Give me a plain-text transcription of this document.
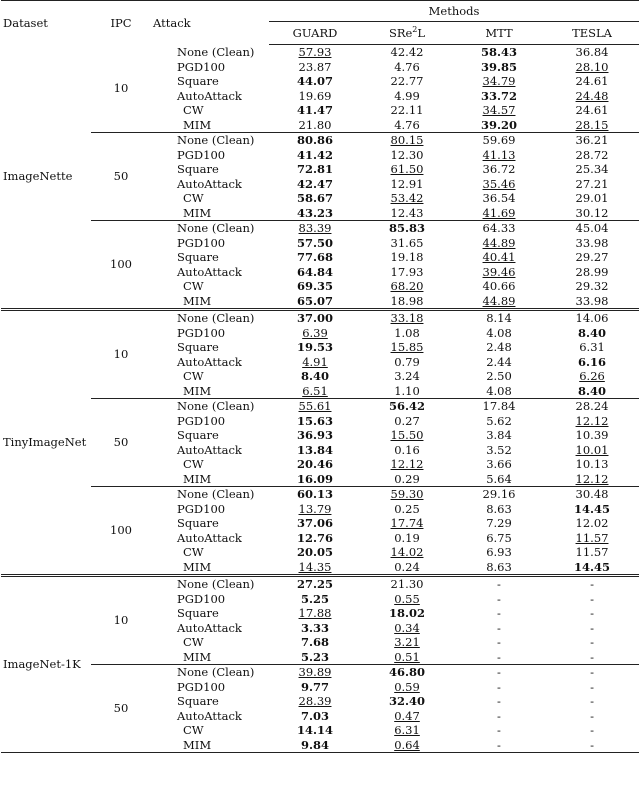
Dataset	IPC	Attack	Methods			
			GUARD	SRe$^2$L	MTT	TESLA
ImageNette	10	None (Clean)	57.93	42.42	58.43	36.84
		PGD100	23.87	4.76	39.85	28.10
		Square	44.07	22.77	34.79	24.61
		AutoAttack	19.69	4.99	33.72	24.48
		CW	41.47	22.11	34.57	24.61
		MIM	21.80	4.76	39.20	28.15
	50	None (Clean)	80.86	80.15	59.69	36.21
		PGD100	41.42	12.30	41.13	28.72
		Square	72.81	61.50	36.72	25.34
		AutoAttack	42.47	12.91	35.46	27.21
		CW	58.67	53.42	36.54	29.01
		MIM	43.23	12.43	41.69	30.12
	100	None (Clean)	83.39	85.83	64.33	45.04
		PGD100	57.50	31.65	44.89	33.98
		Square	77.68	19.18	40.41	29.27
		AutoAttack	64.84	17.93	39.46	28.99
		CW	69.35	68.20	40.66	29.32
		MIM	65.07	18.98	44.89	33.98
TinyImageNet	10	None (Clean)	37.00	33.18	8.14	14.06
		PGD100	6.39	1.08	4.08	8.40
		Square	19.53	15.85	2.48	6.31
		AutoAttack	4.91	0.79	2.44	6.16
		CW	8.40	3.24	2.50	6.26
		MIM	6.51	1.10	4.08	8.40
	50	None (Clean)	55.61	56.42	17.84	28.24
		PGD100	15.63	0.27	5.62	12.12
		Square	36.93	15.50	3.84	10.39
		AutoAttack	13.84	0.16	3.52	10.01
		CW	20.46	12.12	3.66	10.13
		MIM	16.09	0.29	5.64	12.12
	100	None (Clean)	60.13	59.30	29.16	30.48
		PGD100	13.79	0.25	8.63	14.45
		Square	37.06	17.74	7.29	12.02
		AutoAttack	12.76	0.19	6.75	11.57
		CW	20.05	14.02	6.93	11.57
		MIM	14.35	0.24	8.63	14.45
ImageNet-1K	10	None (Clean)	27.25	21.30	-	-
		PGD100	5.25	0.55	-	-
		Square	17.88	18.02	-	-
		AutoAttack	3.33	0.34	-	-
		CW	7.68	3.21	-	-
		MIM	5.23	0.51	-	-
	50	None (Clean)	39.89	46.80	-	-
		PGD100	9.77	0.59	-	-
		Square	28.39	32.40	-	-
		AutoAttack	7.03	0.47	-	-
		CW	14.14	6.31	-	-
		MIM	9.84	0.64	-	-
